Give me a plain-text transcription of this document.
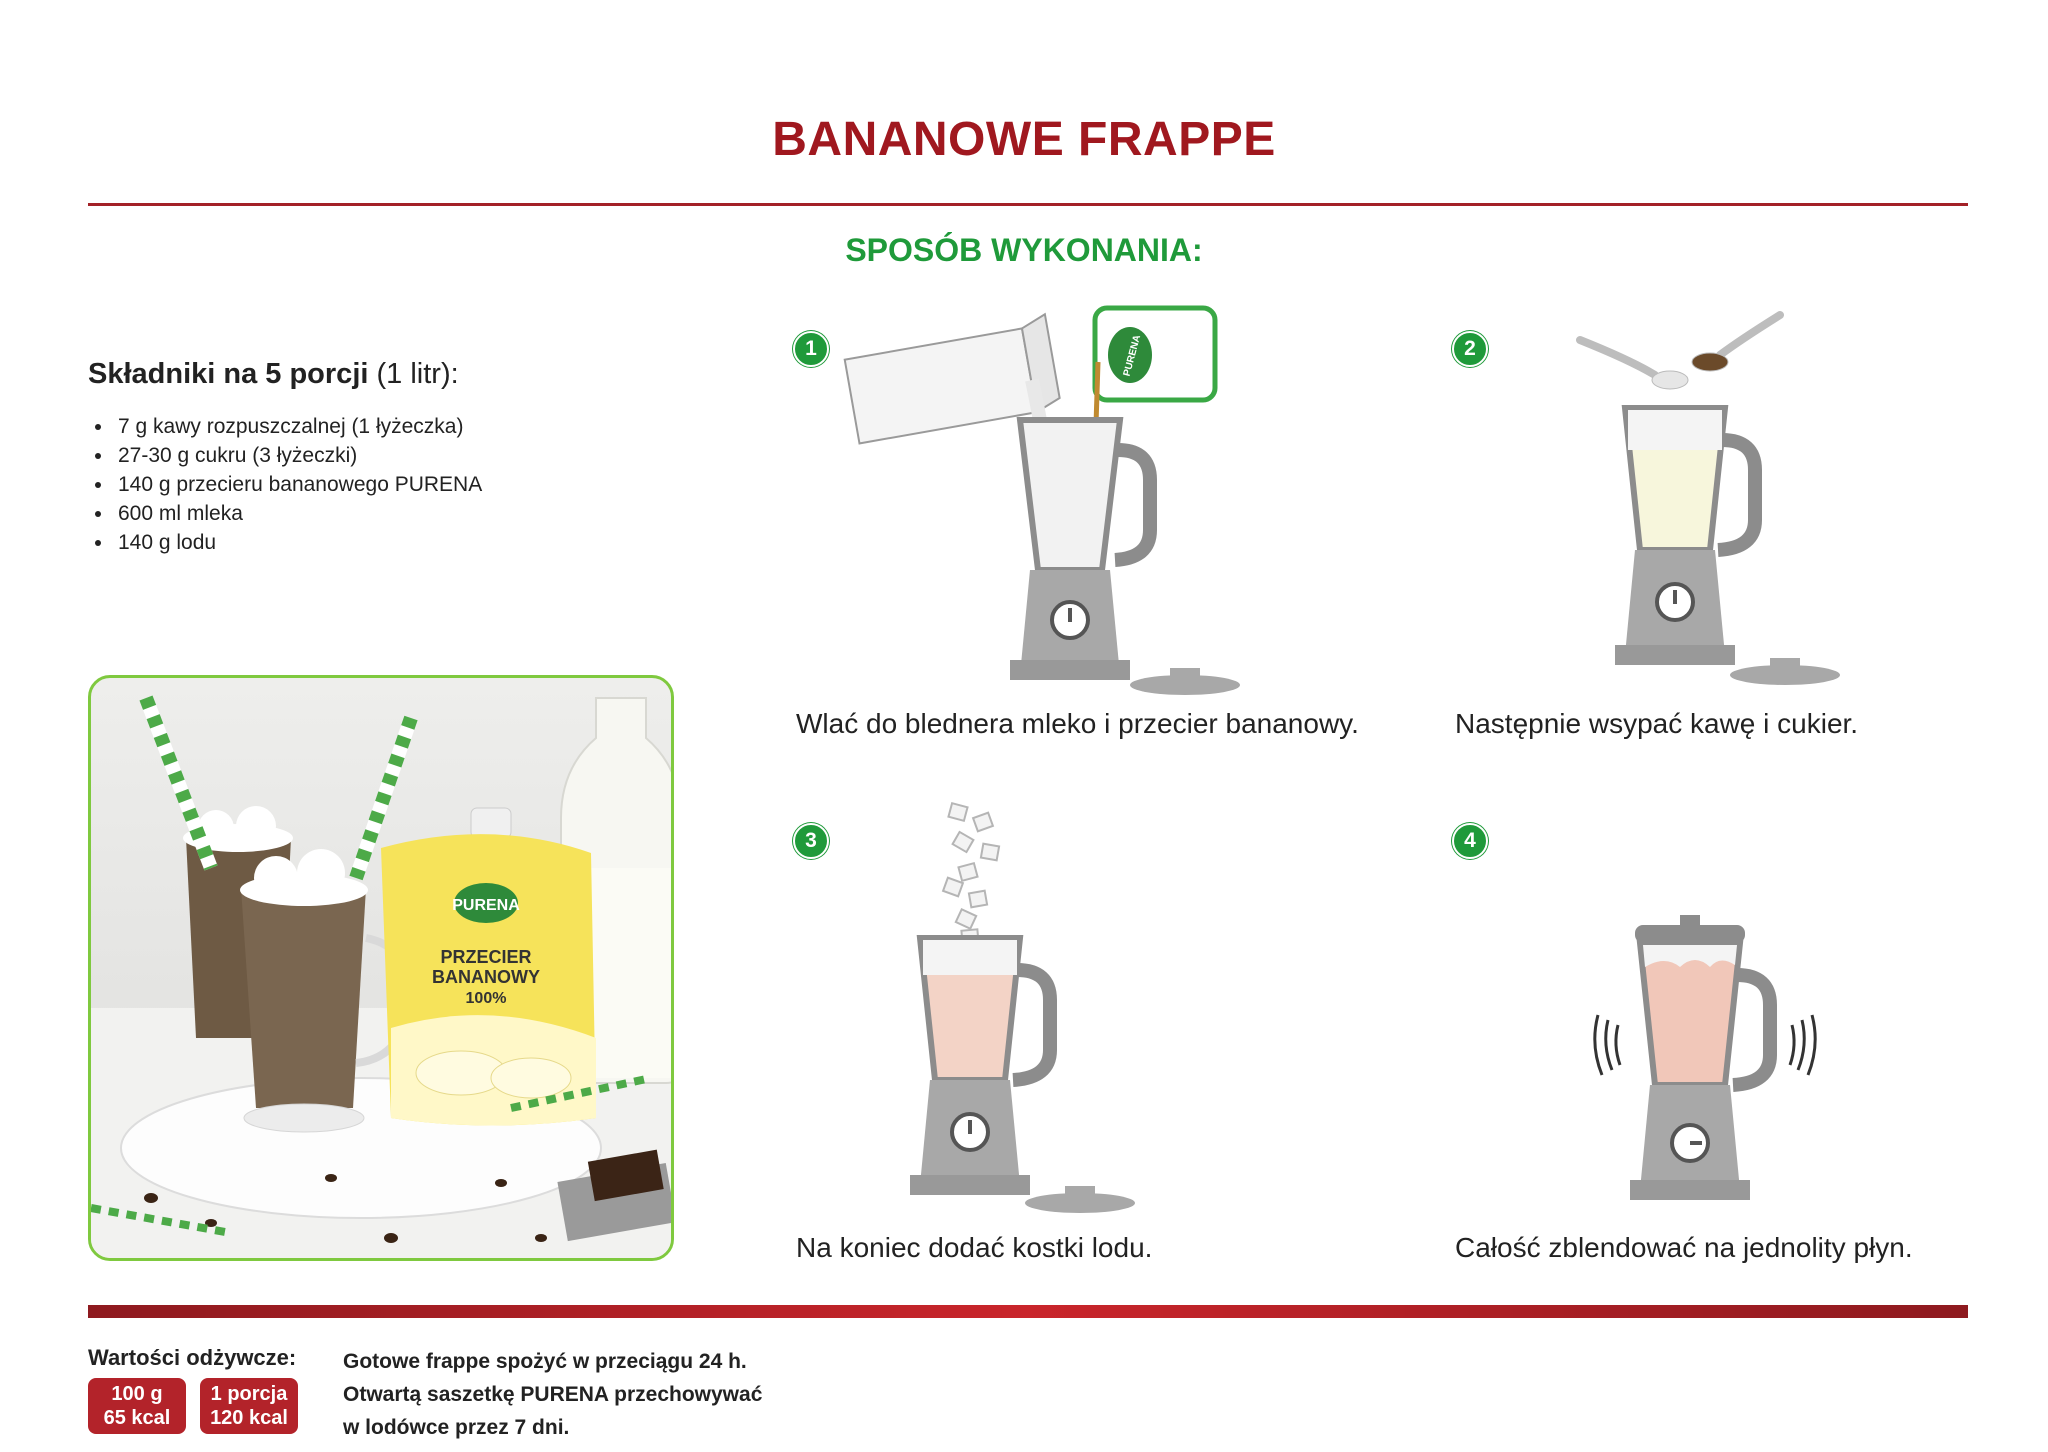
BANANOWE FRAPPE
SPOSÓB WYKONANIA:
Składniki na 5 porcji (1 litr):
• 7 g kawy rozpuszczalnej (1 łyżeczka)
• 27-30 g cukru (3 łyżeczki)
• 140 g przecieru bananowego PURENA
• 600 ml mleka
• 140 g lodu
PURENA
PRZECIER
BANANOWY
100%
1	PURENA
Wlać do blednera mleko i przecier bananowy.
2
Następnie wsypać kawę i cukier.
3
Na koniec dodać kostki lodu.
4
Całość zblendować na jednolity płyn.
Wartości odżywcze:
100 g
65 kcal
1 porcja
120 kcal
Gotowe frappe spożyć w przeciągu 24 h.
Otwartą saszetkę PURENA przechowywać
w lodówce przez 7 dni.
